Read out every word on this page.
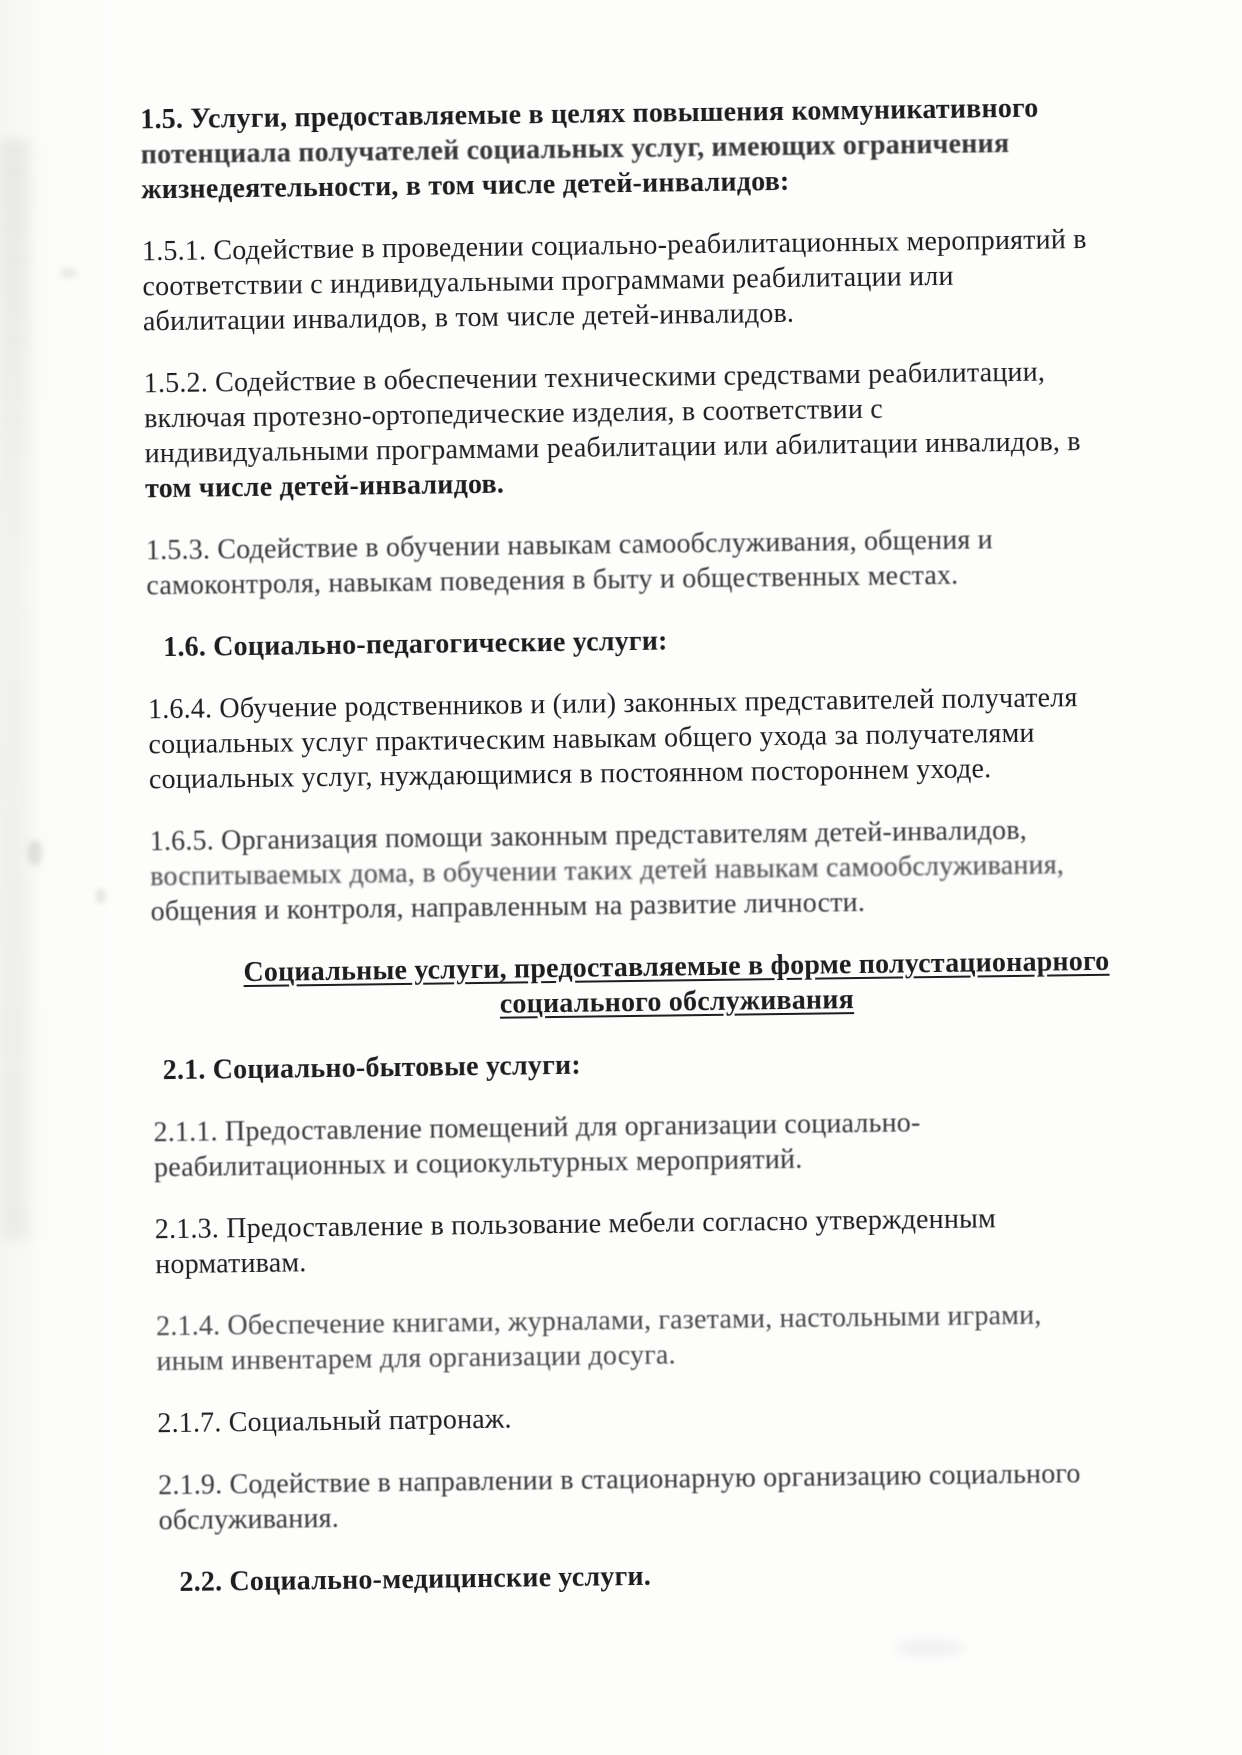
1.5. Услуги, предоставляемые в целях повышения коммуникативного
потенциала получателей социальных услуг, имеющих ограничения
жизнедеятельности, в том числе детей-инвалидов:
1.5.1. Содействие в проведении социально-реабилитационных мероприятий в
соответствии с индивидуальными программами реабилитации или
абилитации инвалидов, в том числе детей-инвалидов.
1.5.2. Содействие в обеспечении техническими средствами реабилитации,
включая протезно-ортопедические изделия, в соответствии с
индивидуальными программами реабилитации или абилитации инвалидов, в
том числе детей-инвалидов.
1.5.3. Содействие в обучении навыкам самообслуживания, общения и
самоконтроля, навыкам поведения в быту и общественных местах.
1.6. Социально-педагогические услуги:
1.6.4. Обучение родственников и (или) законных представителей получателя
социальных услуг практическим навыкам общего ухода за получателями
социальных услуг, нуждающимися в постоянном постороннем уходе.
1.6.5. Организация помощи законным представителям детей-инвалидов,
воспитываемых дома, в обучении таких детей навыкам самообслуживания,
общения и контроля, направленным на развитие личности.
Социальные услуги, предоставляемые в форме полустационарного
социального обслуживания
2.1. Социально-бытовые услуги:
2.1.1. Предоставление помещений для организации социально-
реабилитационных и социокультурных мероприятий.
2.1.3. Предоставление в пользование мебели согласно утвержденным
нормативам.
2.1.4. Обеспечение книгами, журналами, газетами, настольными играми,
иным инвентарем для организации досуга.
2.1.7. Социальный патронаж.
2.1.9. Содействие в направлении в стационарную организацию социального
обслуживания.
2.2. Социально-медицинские услуги.
